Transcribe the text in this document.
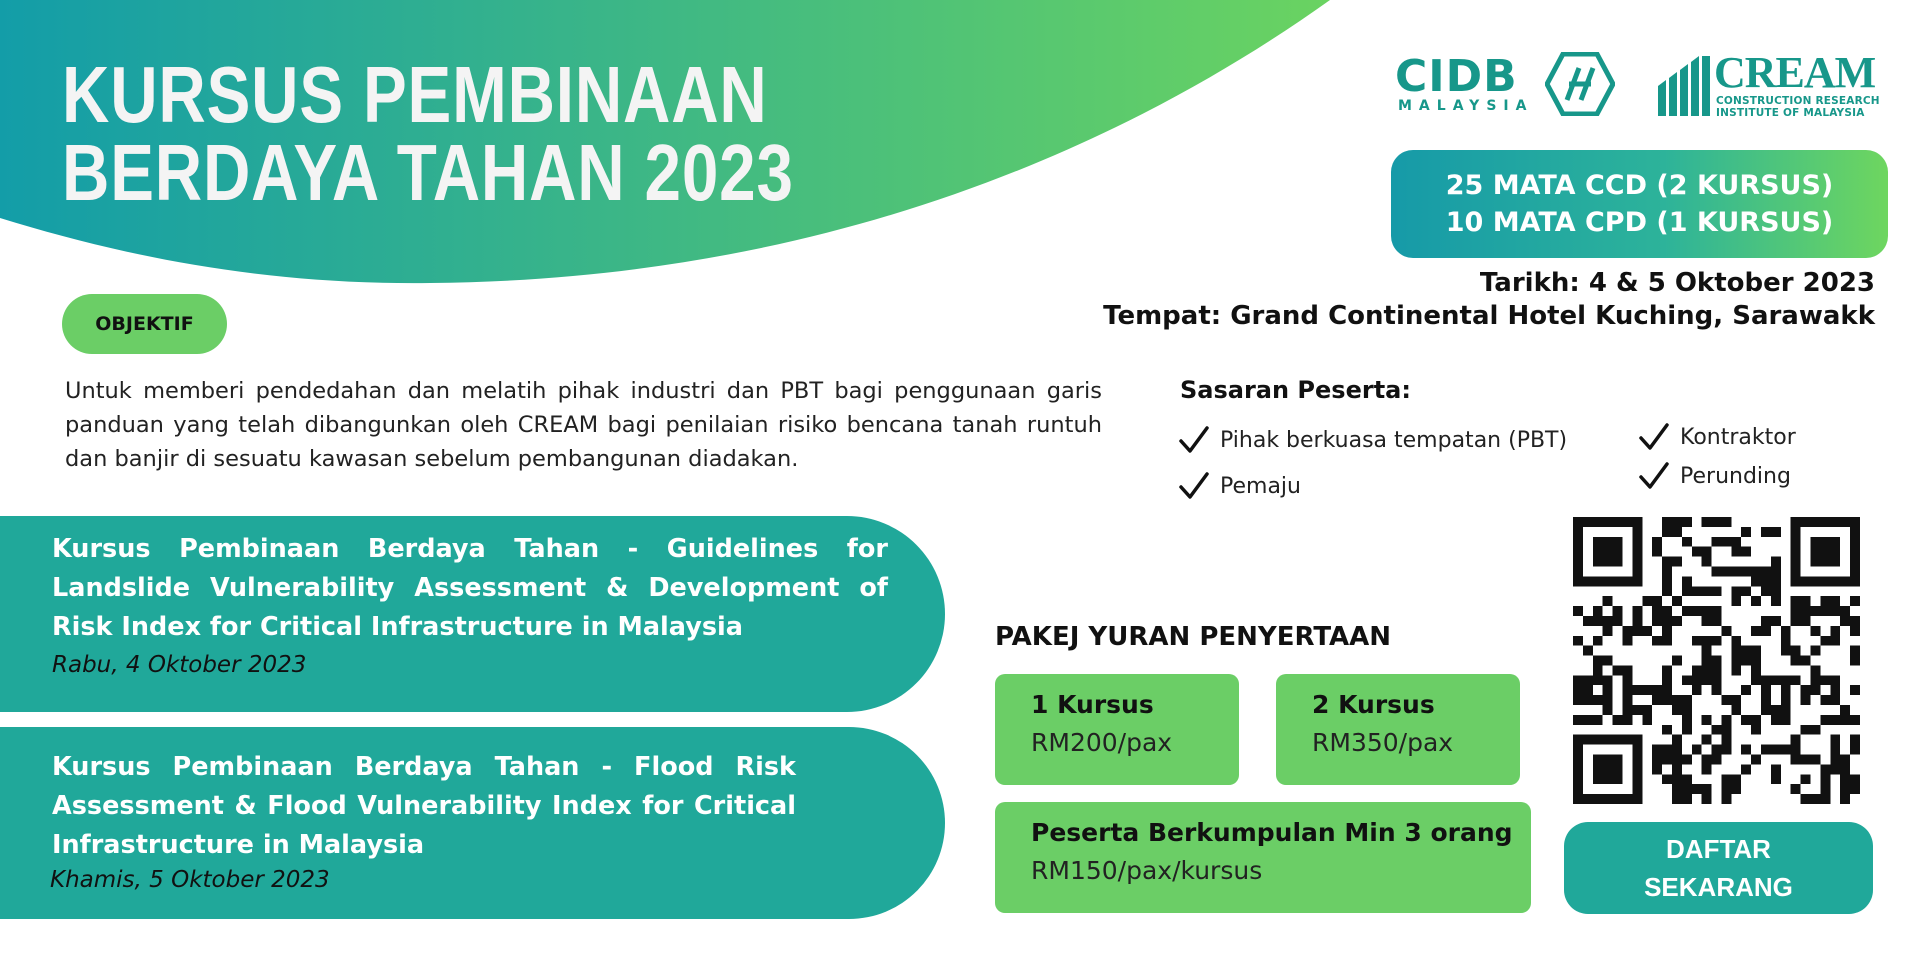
KURSUS PEMBINAAN BERDAYA TAHAN 2023
CIDB
MALAYSIA
CREAM
CONSTRUCTION RESEARCH
INSTITUTE OF MALAYSIA
25 MATA CCD (2 KURSUS)
10 MATA CPD (1 KURSUS)
Tarikh: 4 & 5 Oktober 2023
Tempat: Grand Continental Hotel Kuching, Sarawakk
OBJEKTIF

Untuk memberi pendedahan dan melatih pihak industri dan PBT bagi penggunaan garis panduan yang telah dibangunkan oleh CREAM bagi penilaian risiko bencana tanah runtuh dan banjir di sesuatu kawasan sebelum pembangunan diadakan.

Sasaran Peserta:
Pihak berkuasa tempatan (PBT)
Pemaju
Kontraktor
Perunding

Kursus Pembinaan Berdaya Tahan - Guidelines for Landslide Vulnerability Assessment & Development of Risk Index for Critical Infrastructure in Malaysia

Rabu, 4 Oktober 2023

Kursus Pembinaan Berdaya Tahan - Flood Risk Assessment & Flood Vulnerability Index for Critical Infrastructure in Malaysia

Khamis, 5 Oktober 2023
PAKEJ YURAN PENYERTAAN
1 Kursus
RM200/pax
2 Kursus
RM350/pax
Peserta Berkumpulan Min 3 orang
RM150/pax/kursus
DAFTAR
SEKARANG
